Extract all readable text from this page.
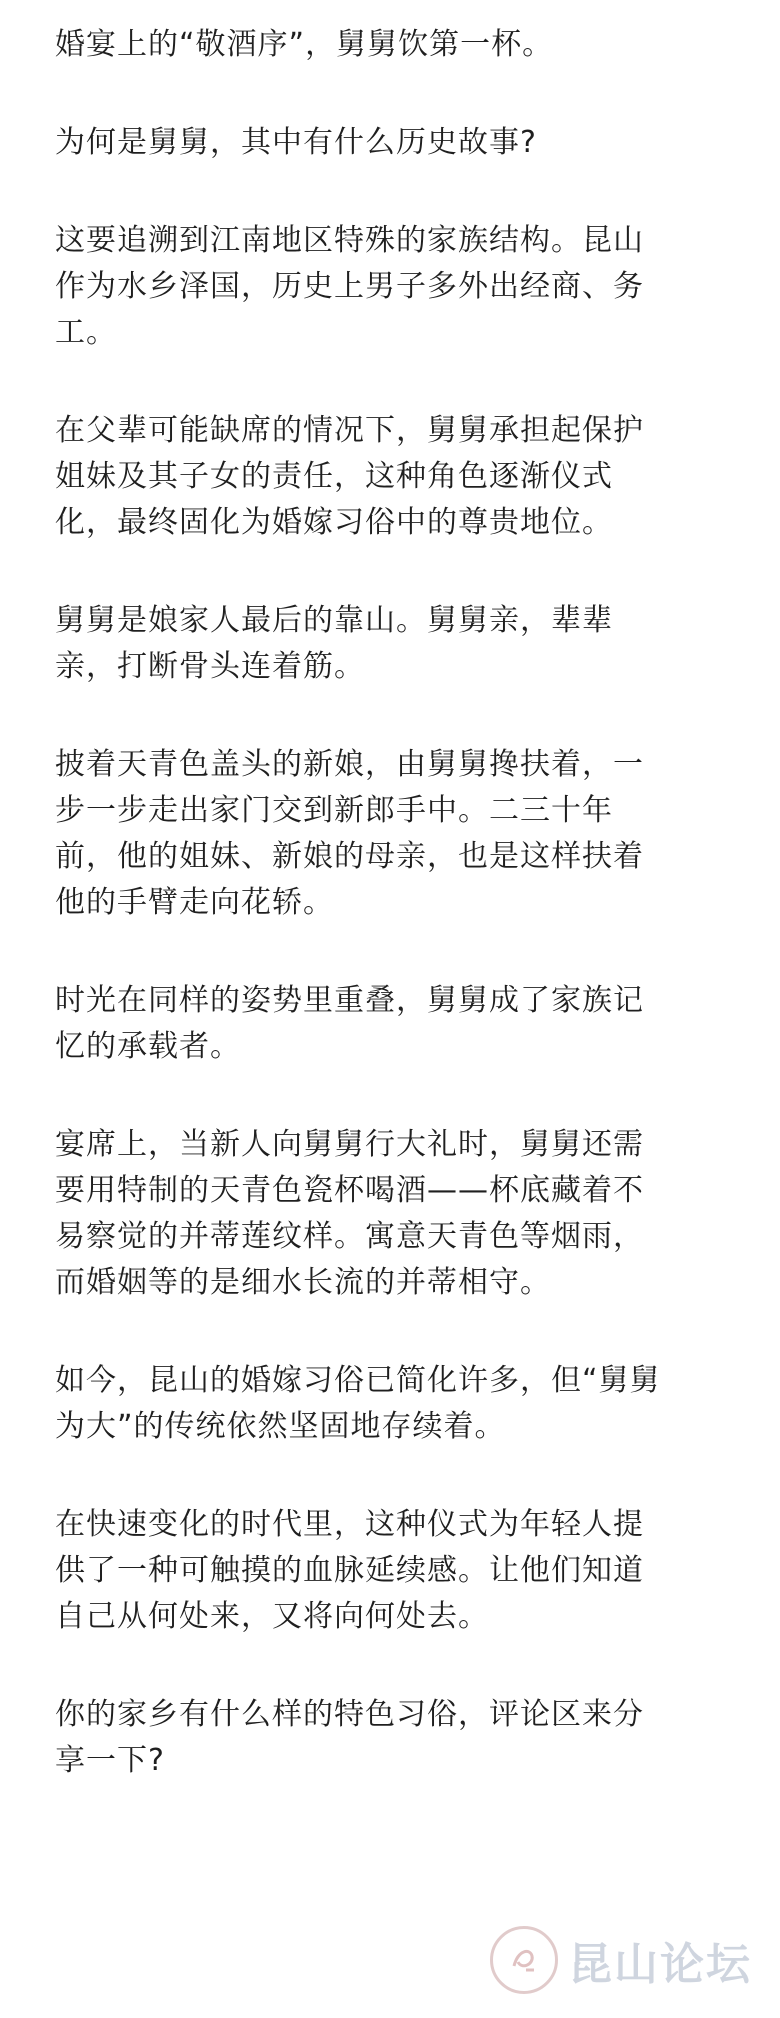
婚宴上的“敬酒序”，舅舅饮第一杯。
为何是舅舅，其中有什么历史故事?
这要追溯到江南地区特殊的家族结构。昆山
作为水乡泽国，历史上男子多外出经商、务
工。
在父辈可能缺席的情况下，舅舅承担起保护
姐妹及其子女的责任，这种角色逐渐仪式
化，最终固化为婚嫁习俗中的尊贵地位。
舅舅是娘家人最后的靠山。舅舅亲，辈辈
亲，打断骨头连着筋。
披着天青色盖头的新娘，由舅舅搀扶着，一
步一步走出家门交到新郎手中。二三十年
前，他的姐妹、新娘的母亲，也是这样扶着
他的手臂走向花轿。
时光在同样的姿势里重叠，舅舅成了家族记
忆的承载者。
宴席上，当新人向舅舅行大礼时，舅舅还需
要用特制的天青色瓷杯喝酒——杯底藏着不
易察觉的并蒂莲纹样。寓意天青色等烟雨，
而婚姻等的是细水长流的并蒂相守。
如今，昆山的婚嫁习俗已简化许多，但“舅舅
为大”的传统依然坚固地存续着。
在快速变化的时代里，这种仪式为年轻人提
供了一种可触摸的血脉延续感。让他们知道
自己从何处来，又将向何处去。
你的家乡有什么样的特色习俗，评论区来分
享一下?
昆山论坛
